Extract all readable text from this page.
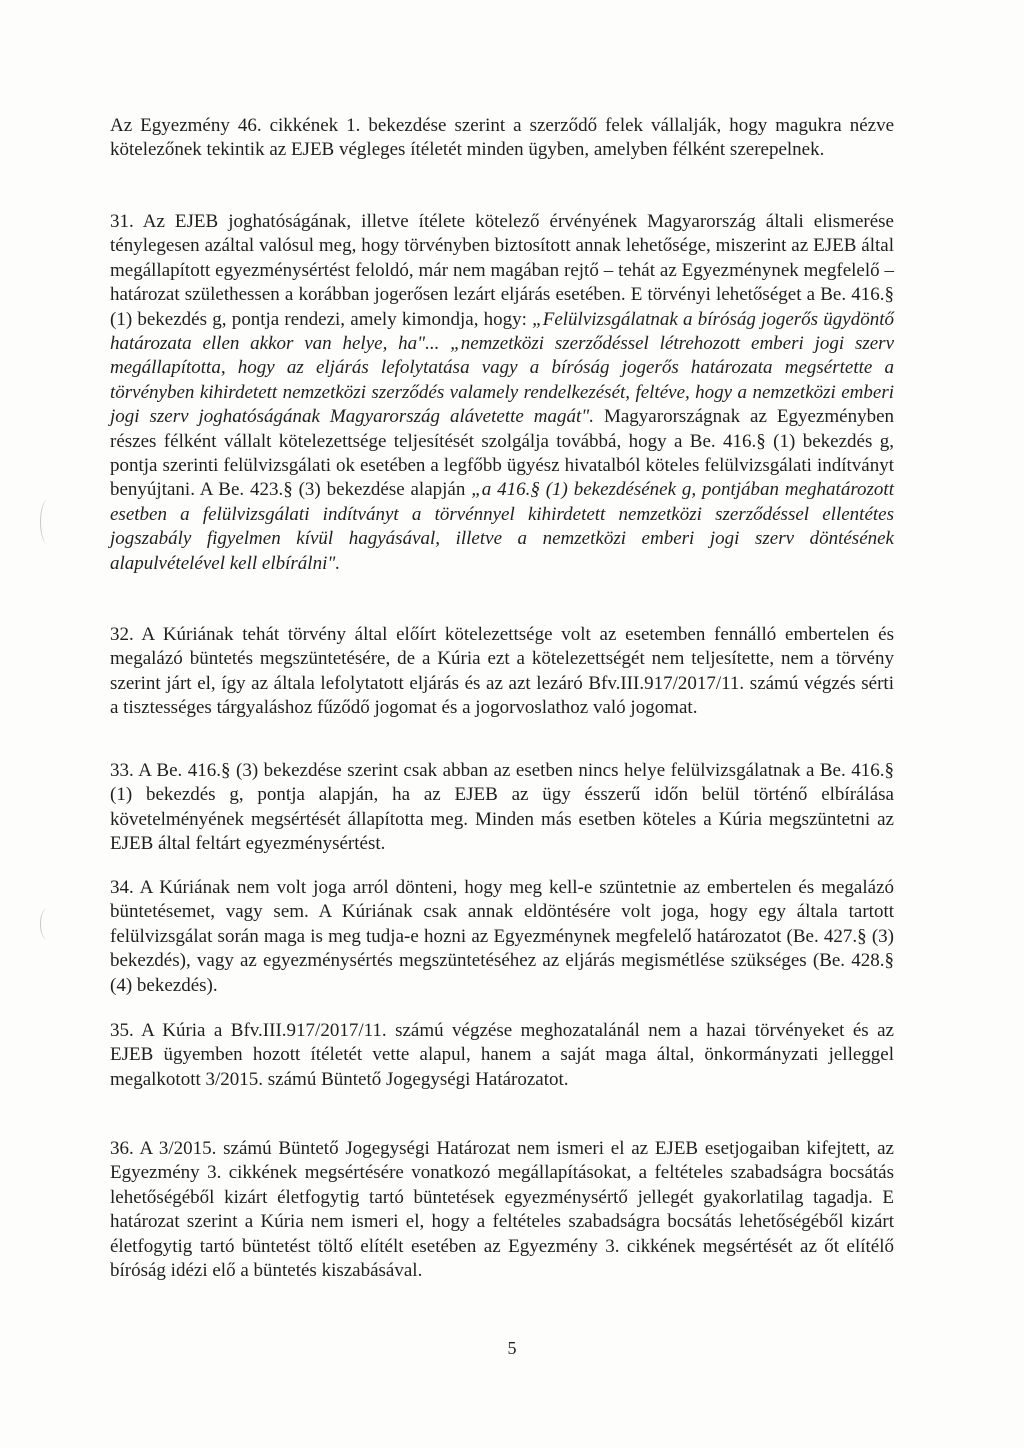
Az Egyezmény 46. cikkének 1. bekezdése szerint a szerződő felek vállalják, hogy magukra nézve kötelezőnek tekintik az EJEB végleges ítéletét minden ügyben, amelyben félként szerepelnek.

31. Az EJEB joghatóságának, illetve ítélete kötelező érvényének Magyarország általi elismerése ténylegesen azáltal valósul meg, hogy törvényben biztosított annak lehetősége, miszerint az EJEB által megállapított egyezménysértést feloldó, már nem magában rejtő – tehát az Egyezménynek megfelelő – határozat születhessen a korábban jogerősen lezárt eljárás esetében. E törvényi lehetőséget a Be. 416.§ (1) bekezdés g, pontja rendezi, amely kimondja, hogy: „Felülvizsgálatnak a bíróság jogerős ügydöntő határozata ellen akkor van helye, ha"... „nemzetközi szerződéssel létrehozott emberi jogi szerv megállapította, hogy az eljárás lefolytatása vagy a bíróság jogerős határozata megsértette a törvényben kihirdetett nemzetközi szerződés valamely rendelkezését, feltéve, hogy a nemzetközi emberi jogi szerv joghatóságának Magyarország alávetette magát". Magyarországnak az Egyezményben részes félként vállalt kötelezettsége teljesítését szolgálja továbbá, hogy a Be. 416.§ (1) bekezdés g, pontja szerinti felülvizsgálati ok esetében a legfőbb ügyész hivatalból köteles felülvizsgálati indítványt benyújtani. A Be. 423.§ (3) bekezdése alapján „a 416.§ (1) bekezdésének g, pontjában meghatározott esetben a felülvizsgálati indítványt a törvénnyel kihirdetett nemzetközi szerződéssel ellentétes jogszabály figyelmen kívül hagyásával, illetve a nemzetközi emberi jogi szerv döntésének alapulvételével kell elbírálni".

32. A Kúriának tehát törvény által előírt kötelezettsége volt az esetemben fennálló embertelen és megalázó büntetés megszüntetésére, de a Kúria ezt a kötelezettségét nem teljesítette, nem a törvény szerint járt el, így az általa lefolytatott eljárás és az azt lezáró Bfv.III.917/2017/11. számú végzés sérti a tisztességes tárgyaláshoz fűződő jogomat és a jogorvoslathoz való jogomat.

33. A Be. 416.§ (3) bekezdése szerint csak abban az esetben nincs helye felülvizsgálatnak a Be. 416.§ (1) bekezdés g, pontja alapján, ha az EJEB az ügy ésszerű időn belül történő elbírálása követelményének megsértését állapította meg. Minden más esetben köteles a Kúria megszüntetni az EJEB által feltárt egyezménysértést.

34. A Kúriának nem volt joga arról dönteni, hogy meg kell-e szüntetnie az embertelen és megalázó büntetésemet, vagy sem. A Kúriának csak annak eldöntésére volt joga, hogy egy általa tartott felülvizsgálat során maga is meg tudja-e hozni az Egyezménynek megfelelő határozatot (Be. 427.§ (3) bekezdés), vagy az egyezménysértés megszüntetéséhez az eljárás megismétlése szükséges (Be. 428.§ (4) bekezdés).

35. A Kúria a Bfv.III.917/2017/11. számú végzése meghozatalánál nem a hazai törvényeket és az EJEB ügyemben hozott ítéletét vette alapul, hanem a saját maga által, önkormányzati jelleggel megalkotott 3/2015. számú Büntető Jogegységi Határozatot.

36. A 3/2015. számú Büntető Jogegységi Határozat nem ismeri el az EJEB esetjogaiban kifejtett, az Egyezmény 3. cikkének megsértésére vonatkozó megállapításokat, a feltételes szabadságra bocsátás lehetőségéből kizárt életfogytig tartó büntetések egyezménysértő jellegét gyakorlatilag tagadja. E határozat szerint a Kúria nem ismeri el, hogy a feltételes szabadságra bocsátás lehetőségéből kizárt életfogytig tartó büntetést töltő elítélt esetében az Egyezmény 3. cikkének megsértését az őt elítélő bíróság idézi elő a büntetés kiszabásával.

5
